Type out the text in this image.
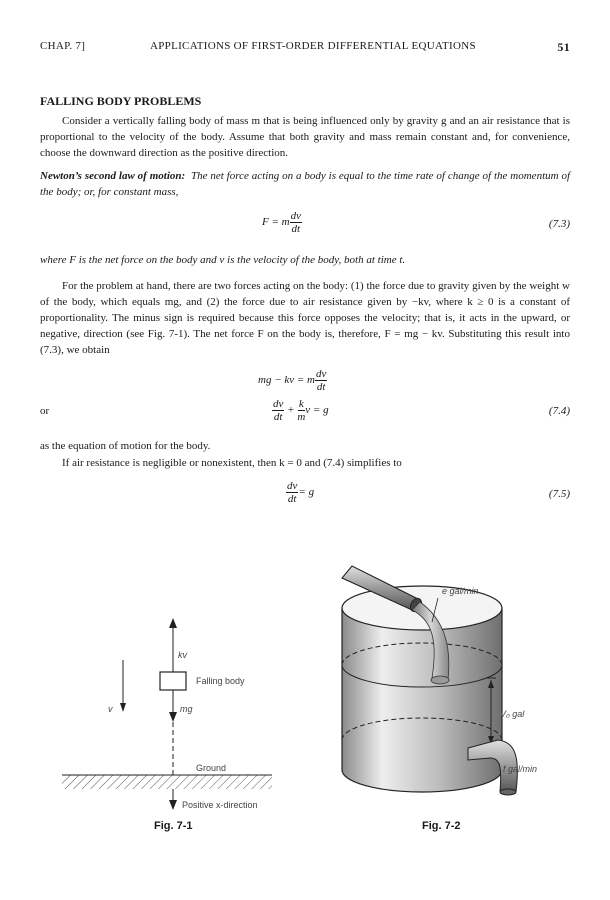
CHAP. 7]	APPLICATIONS OF FIRST-ORDER DIFFERENTIAL EQUATIONS	51
FALLING BODY PROBLEMS

Consider a vertically falling body of mass m that is being influenced only by gravity g and an air resistance that is proportional to the velocity of the body. Assume that both gravity and mass remain constant and, for convenience, choose the downward direction as the positive direction.

Newton’s second law of motion: The net force acting on a body is equal to the time rate of change of the momentum of the body; or, for constant mass,

F = m $\frac{dv}{dt}$	(7.3)

where F is the net force on the body and v is the velocity of the body, both at time t.

For the problem at hand, there are two forces acting on the body: (1) the force due to gravity given by the weight w of the body, which equals mg, and (2) the force due to air resistance given by −kv, where k ≥ 0 is a constant of proportionality. The minus sign is required because this force opposes the velocity; that is, it acts in the upward, or negative, direction (see Fig. 7-1). The net force F on the body is, therefore, F = mg − kv. Substituting this result into (7.3), we obtain

mg − kv = m $\frac{dv}{dt}$
or	$\frac{dv}{dt} + \frac{k}{m}$ v = g	(7.4)

as the equation of motion for the body.

If air resistance is negligible or nonexistent, then k = 0 and (7.4) simplifies to

$\frac{dv}{dt} = g$	(7.5)
kv
Falling body
mg
v
Ground
Positive x-direction
Fig. 7-1
e gal/min
V₀ gal
f gal/min
Fig. 7-2
